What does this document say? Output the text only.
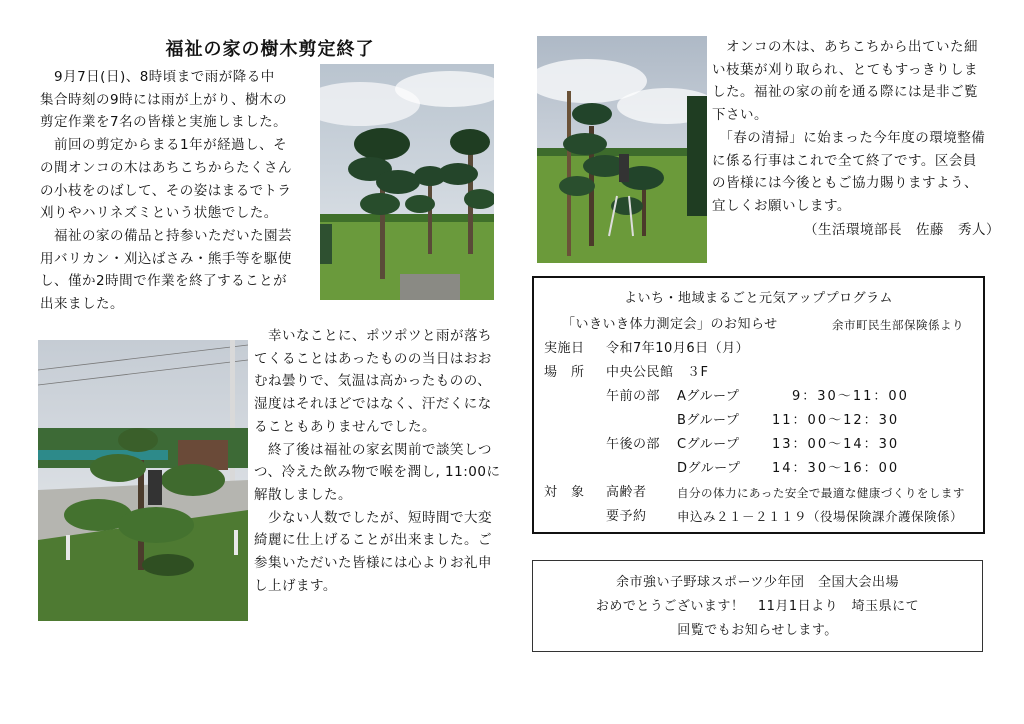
福祉の家の樹木剪定終了

　9月7日(日)、8時頃まで雨が降る中

集合時刻の9時には雨が上がり、樹木の

剪定作業を7名の皆様と実施しました。

　前回の剪定からまる1年が経過し、そ

の間オンコの木はあちこちからたくさん

の小枝をのばして、その姿はまるでトラ

刈りやハリネズミという状態でした。

　福祉の家の備品と持参いただいた園芸

用バリカン・刈込ばさみ・熊手等を駆使

し、僅か2時間で作業を終了することが

出来ました。

　幸いなことに、ポツポツと雨が落ち

てくることはあったものの当日はおお

むね曇りで、気温は高かったものの、

湿度はそれほどではなく、汗だくにな

ることもありませんでした。

　終了後は福祉の家玄関前で談笑しつ

つ、冷えた飲み物で喉を潤し, 11:00に

解散しました。

　少ない人数でしたが、短時間で大変

綺麗に仕上げることが出来ました。ご

参集いただいた皆様には心よりお礼申

し上げます。

　オンコの木は、あちこちから出ていた細

い枝葉が刈り取られ、とてもすっきりしま

した。福祉の家の前を通る際には是非ご覧

下さい。

　「春の清掃」に始まった今年度の環境整備

に係る行事はこれで全て終了です。区会員

の皆様には今後ともご協力賜りますよう、

宜しくお願いします。

（生活環境部長　佐藤　秀人）
よいち・地域まるごと元気アッププログラム
「いきいき体力測定会」のお知らせ	余市町民生部保険係より
実施日 令和7年10月6日（月）
場　所 中央公民館　３F
午前の部 Aグループ	9：30～11：00
Bグループ	11：00～12：30
午後の部 Cグループ 13：00～14：30
Dグループ 14：30～16：00
対　象 高齢者	自分の体力にあった安全で最適な健康づくりをします
要予約 申込み２１－２１１９（役場保険課介護保険係）
余市強い子野球スポーツ少年団　全国大会出場
おめでとうございます！　11月1日より　埼玉県にて
回覧でもお知らせします。
